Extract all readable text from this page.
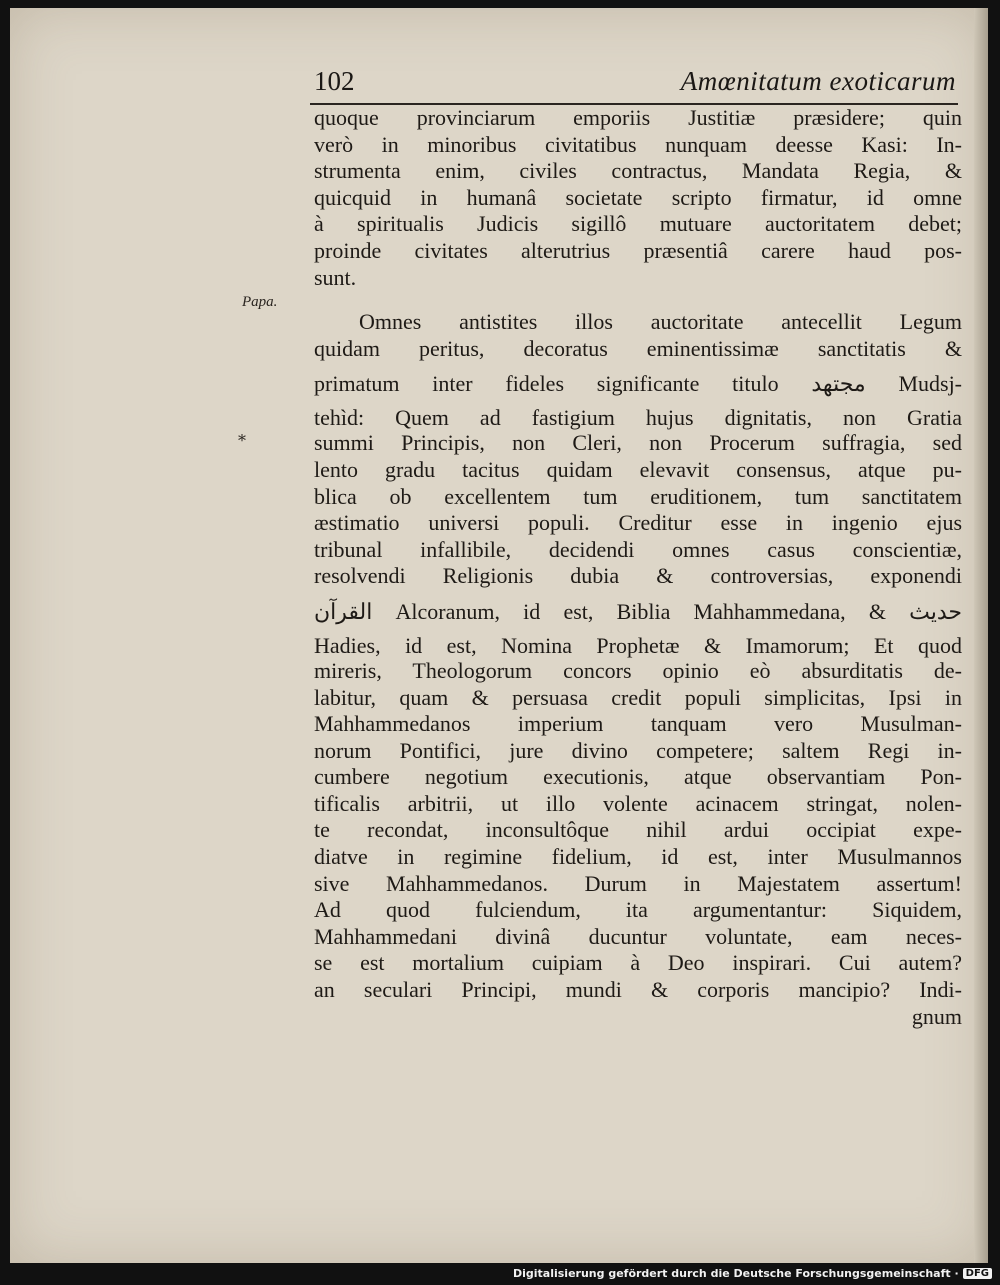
102	Amœnitatum exoticarum
Papa.
*
quoque provinciarum emporiis Justitiæ præsidere; quin
verò in minoribus civitatibus nunquam deesse Kasi: In-
strumenta enim, civiles contractus, Mandata Regia, &
quicquid in humanâ societate scripto firmatur, id omne
à spiritualis Judicis sigillô mutuare auctoritatem debet;
proinde civitates alterutrius præsentiâ carere haud pos-
sunt.
Omnes antistites illos auctoritate antecellit Legum
quidam peritus, decoratus eminentissimæ sanctitatis &
primatum inter fideles significante titulo مجتهد Mudsj-
tehìd: Quem ad fastigium hujus dignitatis, non Gratia
summi Principis, non Cleri, non Procerum suffragia, sed
lento gradu tacitus quidam elevavit consensus, atque pu-
blica ob excellentem tum eruditionem, tum sanctitatem
æstimatio universi populi. Creditur esse in ingenio ejus
tribunal infallibile, decidendi omnes casus conscientiæ,
resolvendi Religionis dubia & controversias, exponendi
القرآن Alcoranum, id est, Biblia Mahhammedana, & حديث
Hadies, id est, Nomina Prophetæ & Imamorum; Et quod
mireris, Theologorum concors opinio eò absurditatis de-
labitur, quam & persuasa credit populi simplicitas, Ipsi in
Mahhammedanos imperium tanquam vero Musulman-
norum Pontifici, jure divino competere; saltem Regi in-
cumbere negotium executionis, atque observantiam Pon-
tificalis arbitrii, ut illo volente acinacem stringat, nolen-
te recondat, inconsultôque nihil ardui occipiat expe-
diatve in regimine fidelium, id est, inter Musulmannos
sive Mahhammedanos. Durum in Majestatem assertum!
Ad quod fulciendum, ita argumentantur: Siquidem,
Mahhammedani divinâ ducuntur voluntate, eam neces-
se est mortalium cuipiam à Deo inspirari. Cui autem?
an seculari Principi, mundi & corporis mancipio? Indi-
gnum
Digitalisierung gefördert durch die Deutsche Forschungsgemeinschaft · DFG
